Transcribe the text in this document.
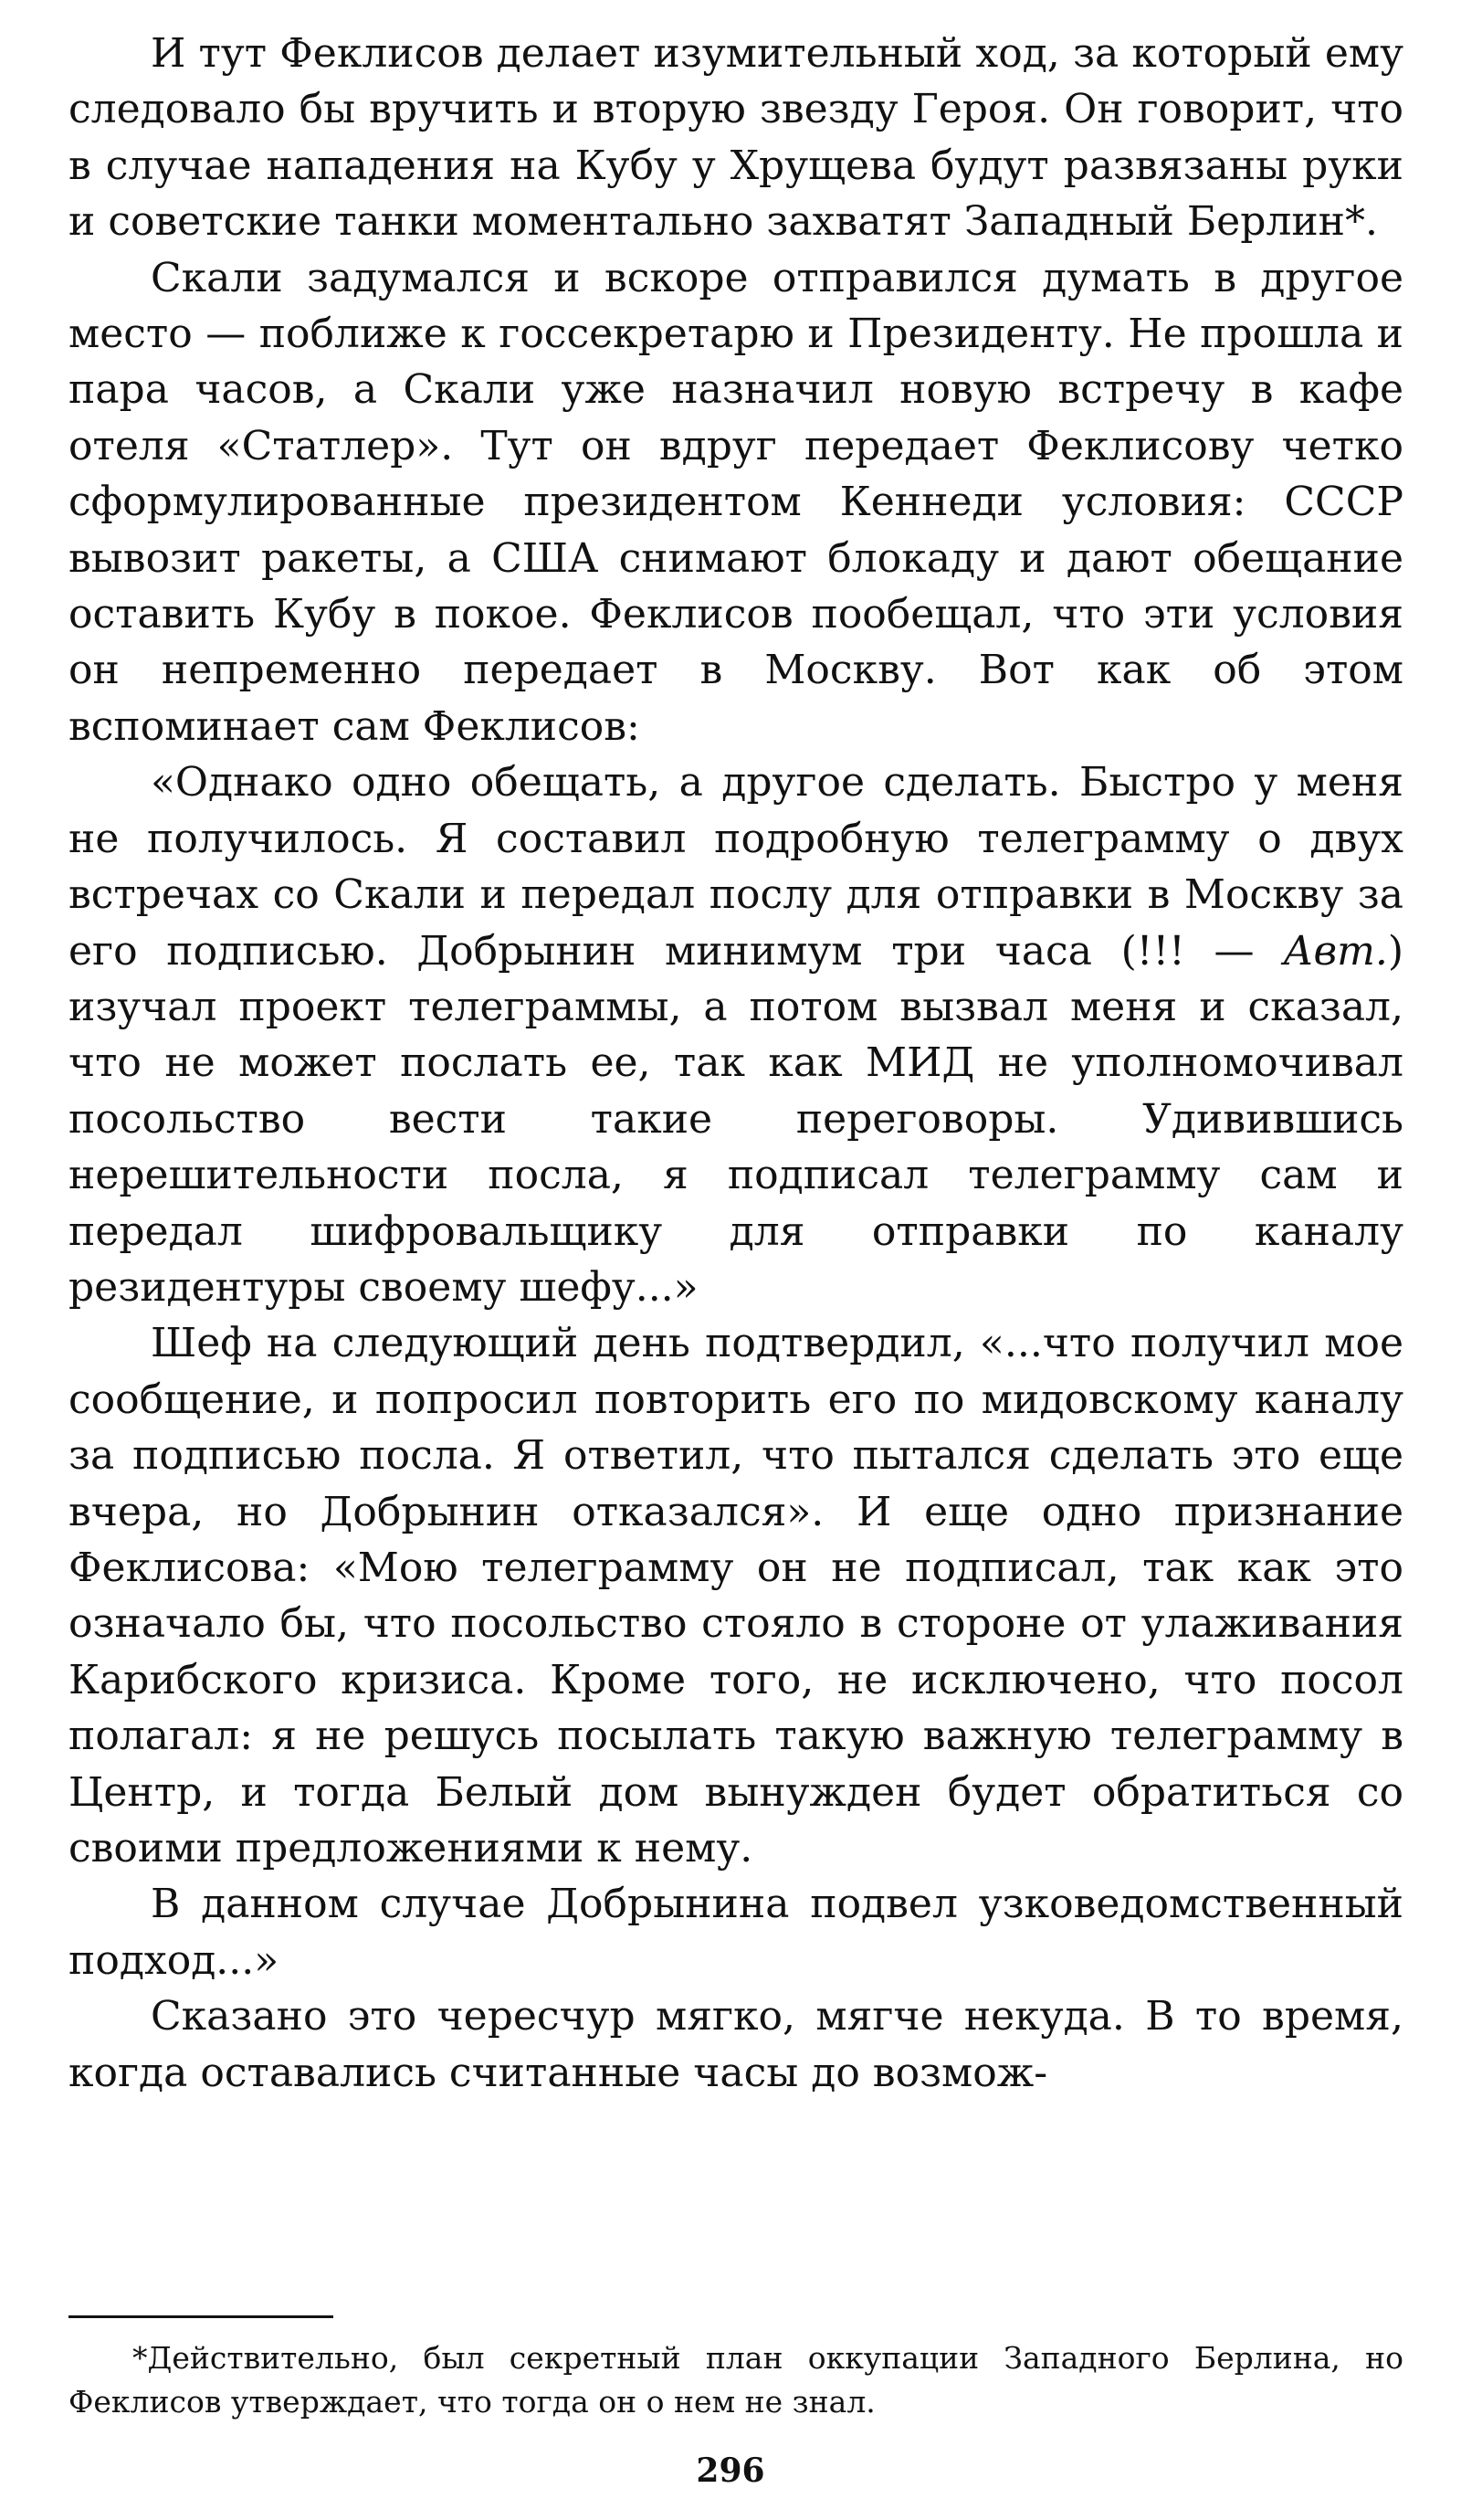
И тут Феклисов делает изумительный ход, за который ему следовало бы вручить и вторую звезду Героя. Он говорит, что в случае нападения на Кубу у Хрущева будут развязаны руки и советские танки моментально захватят Западный Берлин*.

Скали задумался и вскоре отправился думать в другое место — поближе к госсекретарю и Президенту. Не прошла и пара часов, а Скали уже назначил новую встречу в кафе отеля «Статлер». Тут он вдруг передает Феклисову четко сформулированные президентом Кеннеди условия: СССР вывозит ракеты, а США снимают блокаду и дают обещание оставить Кубу в покое. Феклисов пообещал, что эти условия он непременно передает в Москву. Вот как об этом вспоминает сам Феклисов:

«Однако одно обещать, а другое сделать. Быстро у меня не получилось. Я составил подробную телеграмму о двух встречах со Скали и передал послу для отправки в Москву за его подписью. Добрынин минимум три часа (!!! — Авт.) изучал проект телеграммы, а потом вызвал меня и сказал, что не может послать ее, так как МИД не уполномочивал посольство вести такие переговоры. Удивившись нерешительности посла, я подписал телеграмму сам и передал шифровальщику для отправки по каналу резидентуры своему шефу...»

Шеф на следующий день подтвердил, «...что получил мое сообщение, и попросил повторить его по мидовскому каналу за подписью посла. Я ответил, что пытался сделать это еще вчера, но Добрынин отказался». И еще одно признание Феклисова: «Мою телеграмму он не подписал, так как это означало бы, что посольство стояло в стороне от улаживания Карибского кризиса. Кроме того, не исключено, что посол полагал: я не решусь посылать такую важную телеграмму в Центр, и тогда Белый дом вынужден будет обратиться со своими предложениями к нему.

В данном случае Добрынина подвел узковедомственный подход...»

Сказано это чересчур мягко, мягче некуда. В то время, когда оставались считанные часы до возмож-

*Действительно, был секретный план оккупации Западного Берлина, но Феклисов утверждает, что тогда он о нем не знал.

296
